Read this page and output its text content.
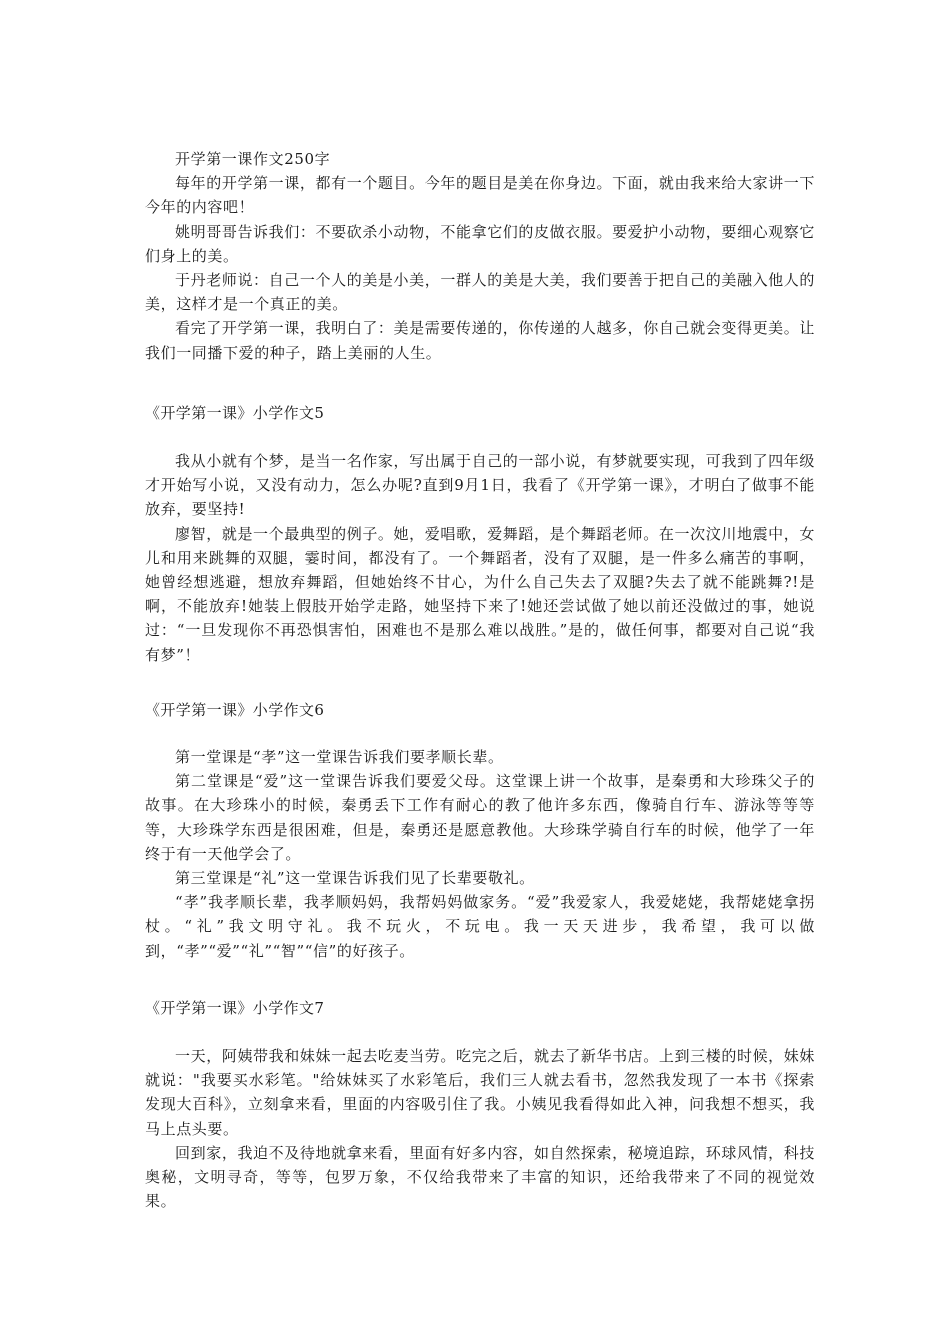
开学第一课作文250字

每年的开学第一课，都有一个题目。今年的题目是美在你身边。下面，就由我来给大家讲一下今年的内容吧！

姚明哥哥告诉我们：不要砍杀小动物，不能拿它们的皮做衣服。要爱护小动物，要细心观察它们身上的美。

于丹老师说：自己一个人的美是小美，一群人的美是大美，我们要善于把自己的美融入他人的美，这样才是一个真正的美。

看完了开学第一课，我明白了：美是需要传递的，你传递的人越多，你自己就会变得更美。让我们一同播下爱的种子，踏上美丽的人生。

《开学第一课》小学作文5

我从小就有个梦，是当一名作家，写出属于自己的一部小说，有梦就要实现，可我到了四年级才开始写小说，又没有动力，怎么办呢?直到9月1日，我看了《开学第一课》，才明白了做事不能放弃，要坚持!

廖智，就是一个最典型的例子。她，爱唱歌，爱舞蹈，是个舞蹈老师。在一次汶川地震中，女儿和用来跳舞的双腿，霎时间，都没有了。一个舞蹈者，没有了双腿，是一件多么痛苦的事啊，她曾经想逃避，想放弃舞蹈，但她始终不甘心，为什么自己失去了双腿?失去了就不能跳舞?!是啊，不能放弃!她装上假肢开始学走路，她坚持下来了!她还尝试做了她以前还没做过的事，她说过：“一旦发现你不再恐惧害怕，困难也不是那么难以战胜。”是的，做任何事，都要对自己说“我有梦”！

《开学第一课》小学作文6

第一堂课是“孝”这一堂课告诉我们要孝顺长辈。

第二堂课是“爱”这一堂课告诉我们要爱父母。这堂课上讲一个故事，是秦勇和大珍珠父子的故事。在大珍珠小的时候，秦勇丢下工作有耐心的教了他许多东西，像骑自行车、游泳等等等等，大珍珠学东西是很困难，但是，秦勇还是愿意教他。大珍珠学骑自行车的时候，他学了一年终于有一天他学会了。

第三堂课是“礼”这一堂课告诉我们见了长辈要敬礼。

“孝”我孝顺长辈，我孝顺妈妈，我帮妈妈做家务。“爱”我爱家人，我爱姥姥，我帮姥姥拿拐杖。“礼”我文明守礼。我不玩火，不玩电。我一天天进步，我希望，我可以做到，“孝”“爱”“礼”“智”“信”的好孩子。

《开学第一课》小学作文7

一天，阿姨带我和妹妹一起去吃麦当劳。吃完之后，就去了新华书店。上到三楼的时候，妹妹就说："我要买水彩笔。"给妹妹买了水彩笔后，我们三人就去看书，忽然我发现了一本书《探索发现大百科》，立刻拿来看，里面的内容吸引住了我。小姨见我看得如此入神，问我想不想买，我马上点头要。

回到家，我迫不及待地就拿来看，里面有好多内容，如自然探索，秘境追踪，环球风情，科技奥秘，文明寻奇，等等，包罗万象，不仅给我带来了丰富的知识，还给我带来了不同的视觉效果。
